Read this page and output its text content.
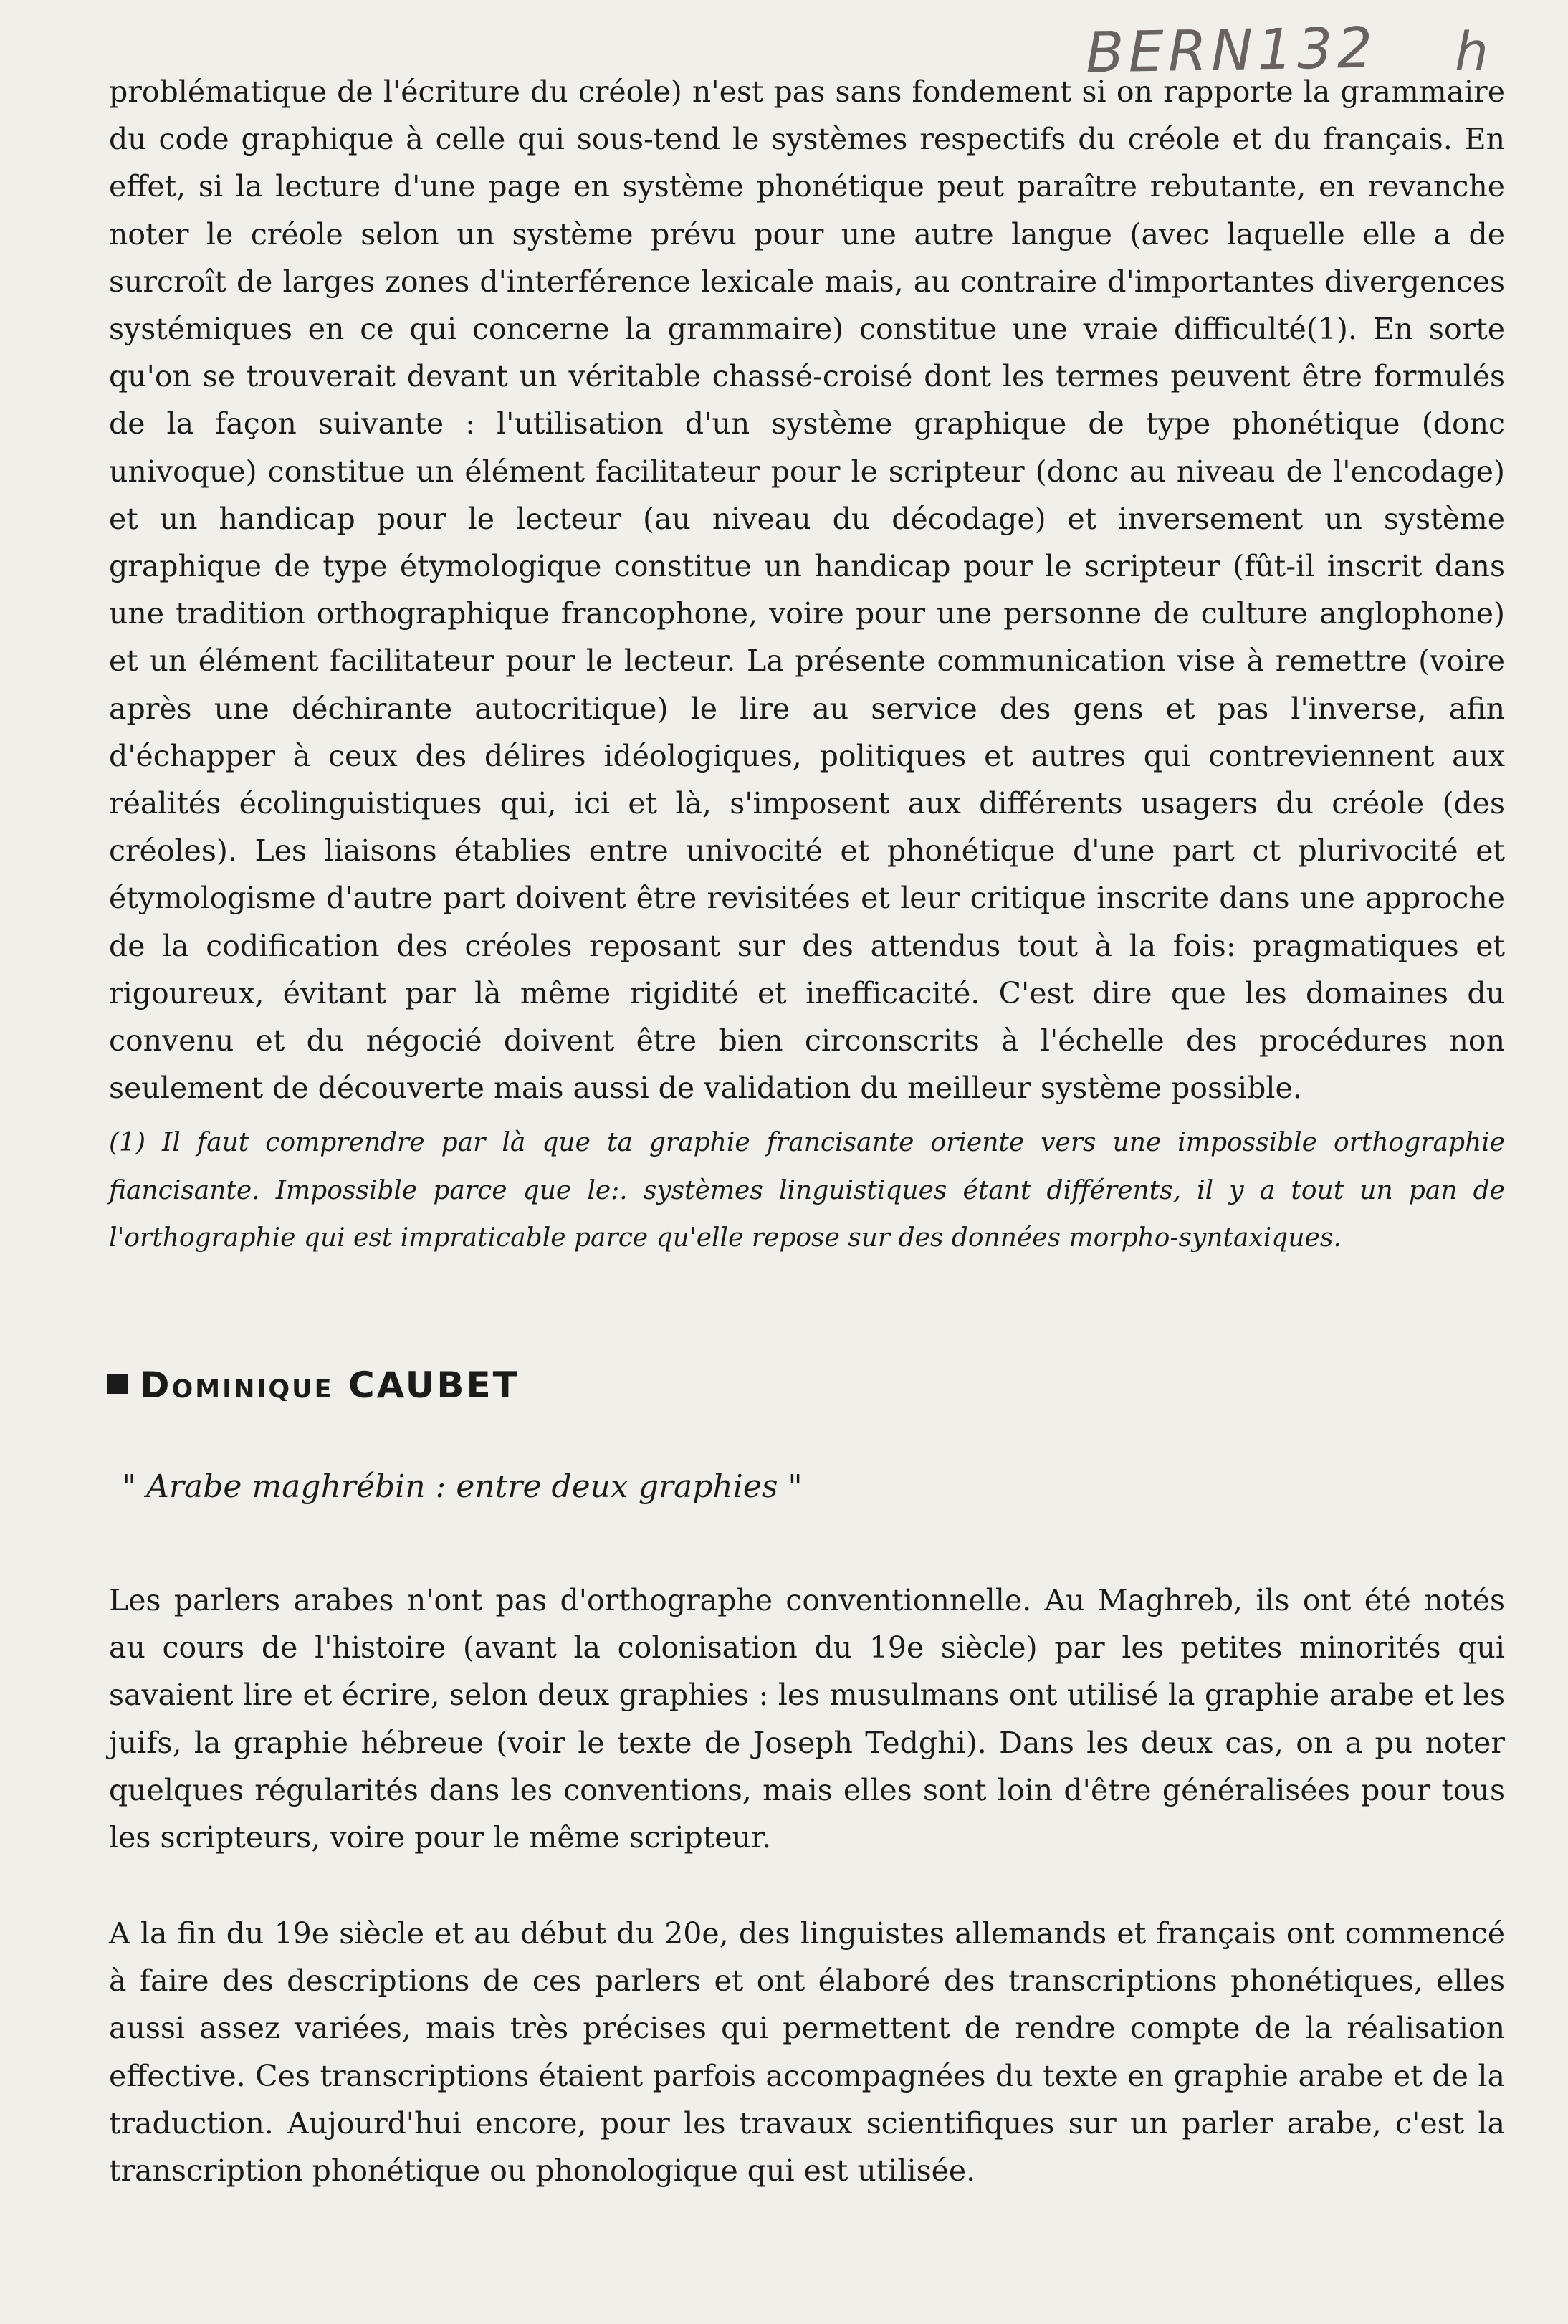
BERN132 h

problématique de l'écriture du créole) n'est pas sans fondement si on rapporte la grammaire du code graphique à celle qui sous-tend le systèmes respectifs du créole et du français. En effet, si la lecture d'une page en système phonétique peut paraître rebutante, en revanche noter le créole selon un système prévu pour une autre langue (avec laquelle elle a de surcroît de larges zones d'interférence lexicale mais, au contraire d'importantes divergences systémiques en ce qui concerne la grammaire) constitue une vraie difficulté(1). En sorte qu'on se trouverait devant un véritable chassé-croisé dont les termes peuvent être formulés de la façon suivante : l'utilisation d'un système graphique de type phonétique (donc univoque) constitue un élément facilitateur pour le scripteur (donc au niveau de l'encodage) et un handicap pour le lecteur (au niveau du décodage) et inversement un système graphique de type étymologique constitue un handicap pour le scripteur (fût-il inscrit dans une tradition orthographique francophone, voire pour une personne de culture anglophone) et un élément facilitateur pour le lecteur. La présente communication vise à remettre (voire après une déchirante autocritique) le lire au service des gens et pas l'inverse, afin d'échapper à ceux des délires idéologiques, politiques et autres qui contreviennent aux réalités écolinguistiques qui, ici et là, s'imposent aux différents usagers du créole (des créoles). Les liaisons établies entre univocité et phonétique d'une part ct plurivocité et étymologisme d'autre part doivent être revisitées et leur critique inscrite dans une approche de la codification des créoles reposant sur des attendus tout à la fois: pragmatiques et rigoureux, évitant par là même rigidité et inefficacité. C'est dire que les domaines du convenu et du négocié doivent être bien circonscrits à l'échelle des procédures non seulement de découverte mais aussi de validation du meilleur système possible.

(1) Il faut comprendre par là que ta graphie francisante oriente vers une impossible orthographie fiancisante. Impossible parce que le:. systèmes linguistiques étant différents, il y a tout un pan de l'orthographie qui est impraticable parce qu'elle repose sur des données morpho-syntaxiques.

Dominique CAUBET

" Arabe maghrébin : entre deux graphies "

Les parlers arabes n'ont pas d'orthographe conventionnelle. Au Maghreb, ils ont été notés au cours de l'histoire (avant la colonisation du 19e siècle) par les petites minorités qui savaient lire et écrire, selon deux graphies : les musulmans ont utilisé la graphie arabe et les juifs, la graphie hébreue (voir le texte de Joseph Tedghi). Dans les deux cas, on a pu noter quelques régularités dans les conventions, mais elles sont loin d'être généralisées pour tous les scripteurs, voire pour le même scripteur.

A la fin du 19e siècle et au début du 20e, des linguistes allemands et français ont commencé à faire des descriptions de ces parlers et ont élaboré des transcriptions phonétiques, elles aussi assez variées, mais très précises qui permettent de rendre compte de la réalisation effective. Ces transcriptions étaient parfois accompagnées du texte en graphie arabe et de la traduction. Aujourd'hui encore, pour les travaux scientifiques sur un parler arabe, c'est la transcription phonétique ou phonologique qui est utilisée.
